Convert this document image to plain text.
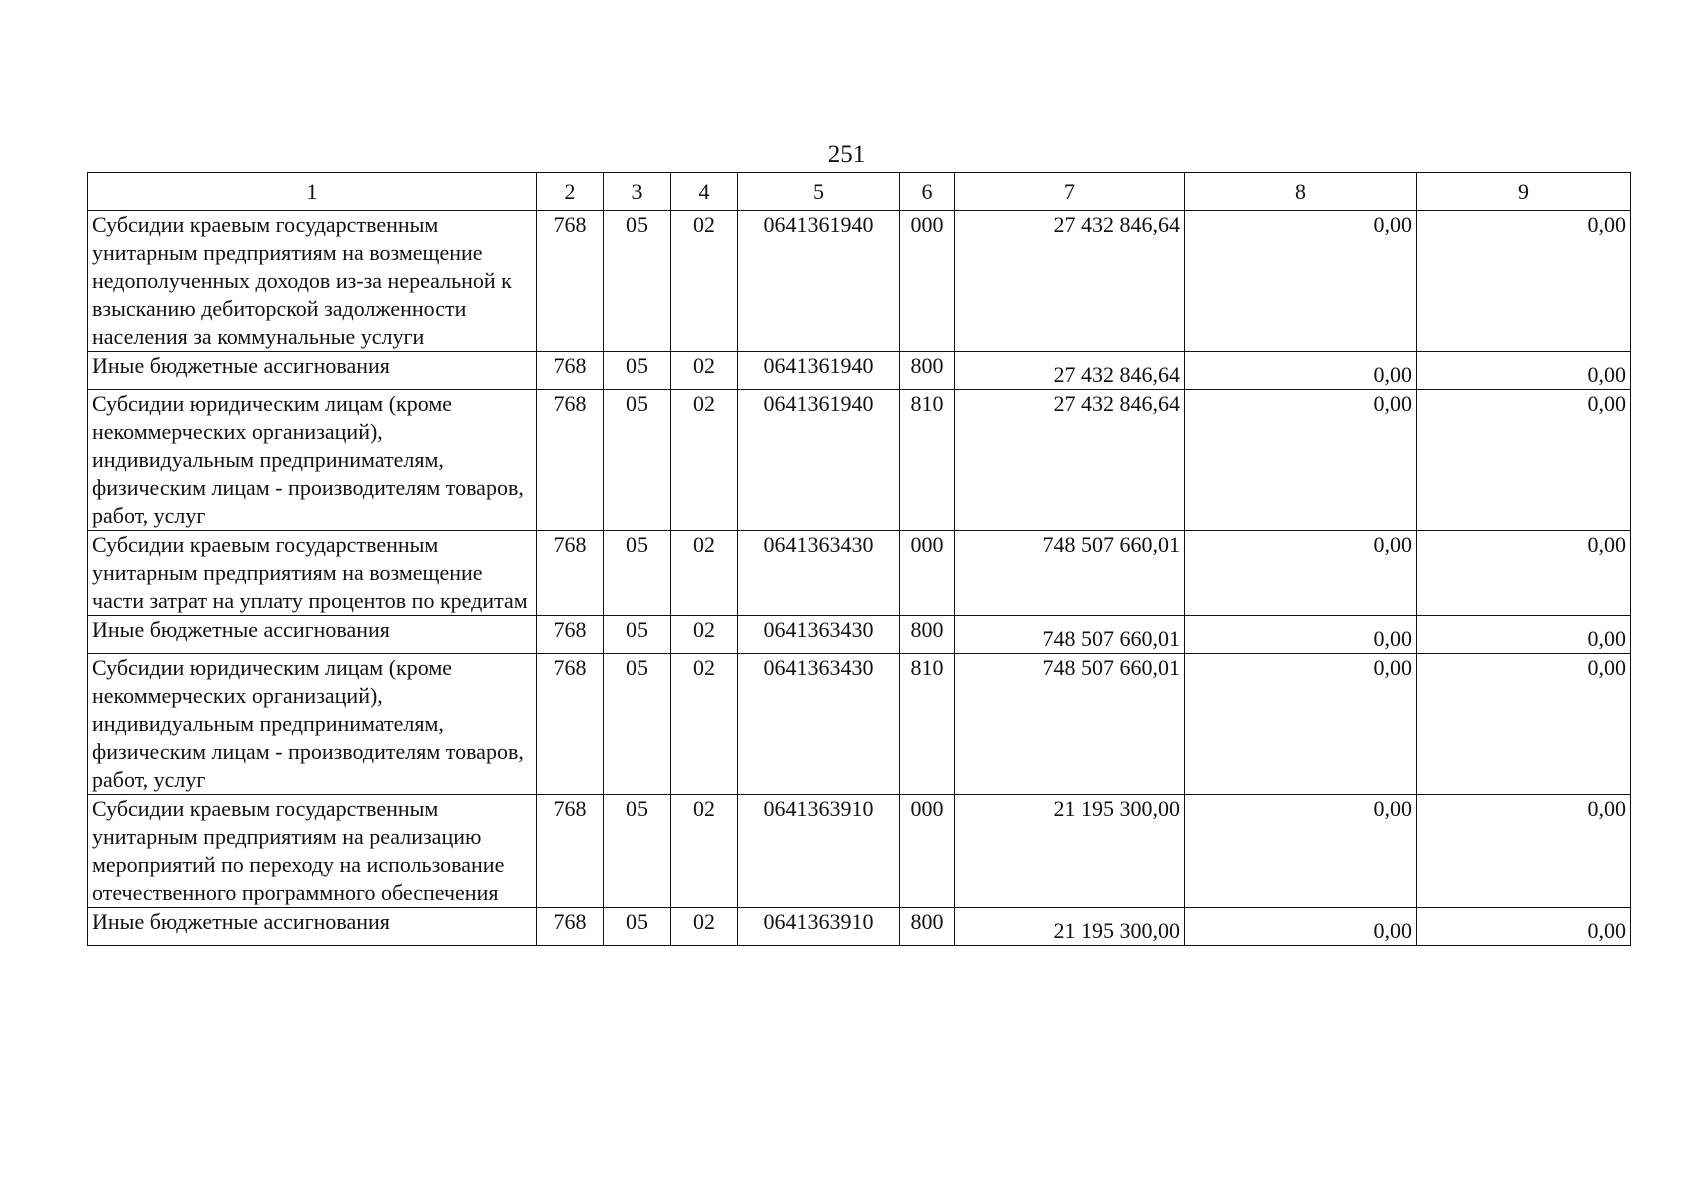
251
1	2	3	4	5	6	7	8	9
Субсидии краевым государственным унитарным предприятиям на возмещение недополученных доходов из-за нереальной к взысканию дебиторской задолженности населения за коммунальные услуги	768	05	02	0641361940	000	27 432 846,64	0,00	0,00
Иные бюджетные ассигнования	768	05	02	0641361940	800	27 432 846,64	0,00	0,00
Субсидии юридическим лицам (кроме некоммерческих организаций), индивидуальным предпринимателям, физическим лицам - производителям товаров, работ, услуг	768	05	02	0641361940	810	27 432 846,64	0,00	0,00
Субсидии краевым государственным унитарным предприятиям на возмещение части затрат на уплату процентов по кредитам	768	05	02	0641363430	000	748 507 660,01	0,00	0,00
Иные бюджетные ассигнования	768	05	02	0641363430	800	748 507 660,01	0,00	0,00
Субсидии юридическим лицам (кроме некоммерческих организаций), индивидуальным предпринимателям, физическим лицам - производителям товаров, работ, услуг	768	05	02	0641363430	810	748 507 660,01	0,00	0,00
Субсидии краевым государственным унитарным предприятиям на реализацию мероприятий по переходу на использование отечественного программного обеспечения	768	05	02	0641363910	000	21 195 300,00	0,00	0,00
Иные бюджетные ассигнования	768	05	02	0641363910	800	21 195 300,00	0,00	0,00
